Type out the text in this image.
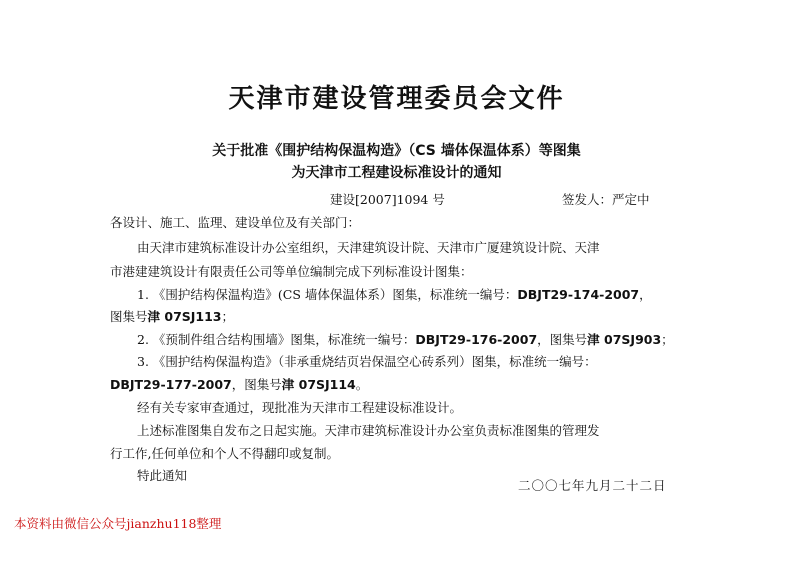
天津市建设管理委员会文件
关于批准《围护结构保温构造》（CS 墙体保温体系）等图集
为天津市工程建设标准设计的通知
建设[2007]1094 号	签发人：严定中
各设计、施工、监理、建设单位及有关部门：
由天津市建筑标准设计办公室组织，天津建筑设计院、天津市广厦建筑设计院、天津
市港建建筑设计有限责任公司等单位编制完成下列标准设计图集：
1. 《围护结构保温构造》(CS 墙体保温体系）图集，标准统一编号：DBJT29-174-2007，
图集号津 07SJ113；
2. 《预制件组合结构围墙》图集，标准统一编号：DBJT29-176-2007，图集号津 07SJ903；
3. 《围护结构保温构造》（非承重烧结页岩保温空心砖系列）图集，标准统一编号：
DBJT29-177-2007，图集号津 07SJ114。
经有关专家审查通过，现批准为天津市工程建设标准设计。
上述标准图集自发布之日起实施。天津市建筑标准设计办公室负责标准图集的管理发
行工作,任何单位和个人不得翻印或复制。
特此通知
二〇〇七年九月二十二日
本资料由微信公众号jianzhu118整理
